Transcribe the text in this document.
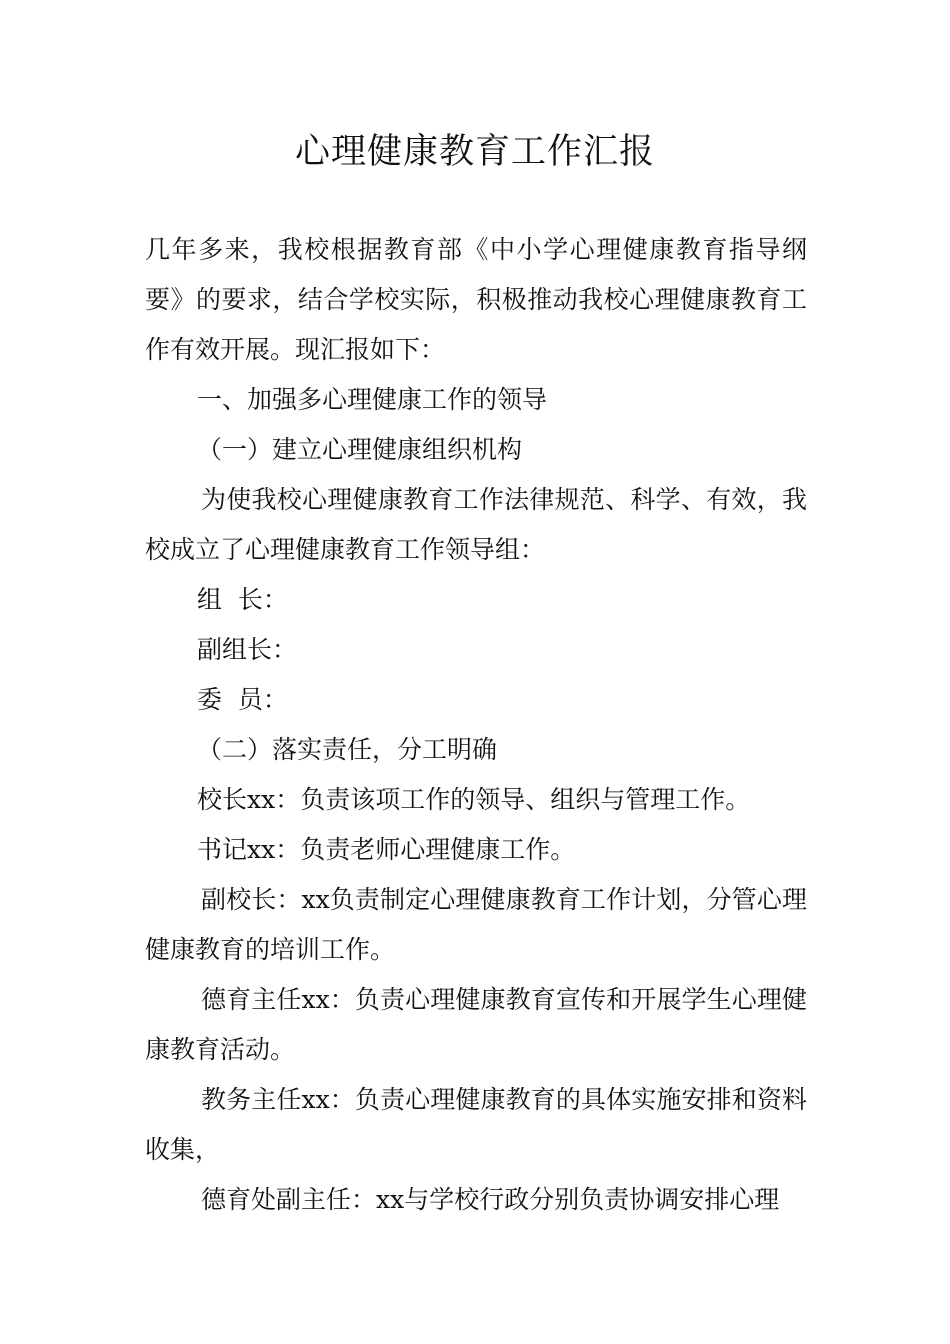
心理健康教育工作汇报

几年多来，我校根据教育部《中小学心理健康教育指导纲要》的要求，结合学校实际，积极推动我校心理健康教育工作有效开展。现汇报如下：

一、加强多心理健康工作的领导

（一）建立心理健康组织机构

为使我校心理健康教育工作法律规范、科学、有效，我校成立了心理健康教育工作领导组：

组  长：

副组长：

委  员：

（二）落实责任，分工明确

校长xx：负责该项工作的领导、组织与管理工作。

书记xx：负责老师心理健康工作。

副校长：xx负责制定心理健康教育工作计划，分管心理健康教育的培训工作。

德育主任xx：负责心理健康教育宣传和开展学生心理健康教育活动。

教务主任xx：负责心理健康教育的具体实施安排和资料收集，

德育处副主任：xx与学校行政分别负责协调安排心理
